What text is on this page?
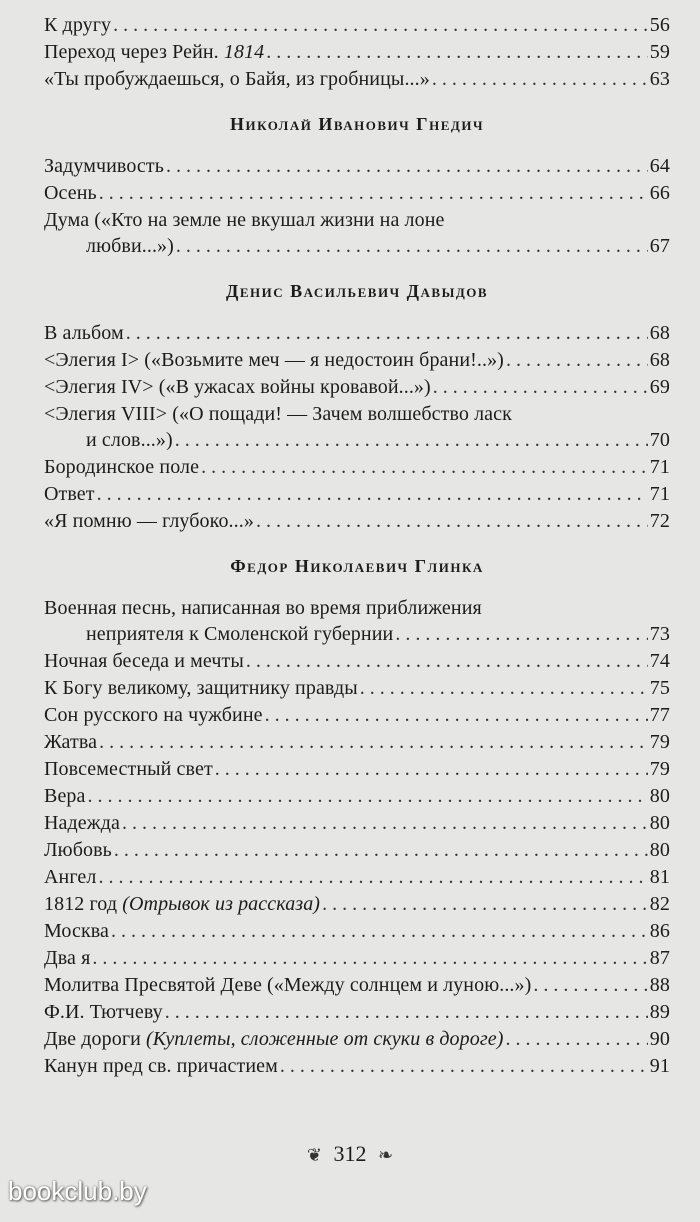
К другу . . .	56
Переход через Рейн. 1814 . . .	59
«Ты пробуждаешься, о Байя, из гробницы...» . . .	63
Николай Иванович Гнедич
Задумчивость . . .	64
Осень . . .	66
Дума («Кто на земле не вкушал жизни на лоне
любви...») . . .	67
Денис Васильевич Давыдов
В альбом . . .	68
<Элегия I> («Возьмите меч — я недостоин брани!..») . . .	68
<Элегия IV> («В ужасах войны кровавой...») . . .	69
<Элегия VIII> («О пощади! — Зачем волшебство ласк
и слов...») . . .	70
Бородинское поле . . .	71
Ответ . . .	71
«Я помню — глубоко...» . . .	72
Федор Николаевич Глинка
Военная песнь, написанная во время приближения
неприятеля к Смоленской губернии . . .	73
Ночная беседа и мечты . . .	74
К Богу великому, защитнику правды . . .	75
Сон русского на чужбине . . .	77
Жатва . . .	79
Повсеместный свет . . .	79
Вера . . .	80
Надежда . . .	80
Любовь . . .	80
Ангел . . .	81
1812 год (Отрывок из рассказа) . . .	82
Москва . . .	86
Два я . . .	87
Молитва Пресвятой Деве («Между солнцем и луною...») . . .	88
Ф.И. Тютчеву . . .	89
Две дороги (Куплеты, сложенные от скуки в дороге) . . .	90
Канун пред св. причастием . . .	91
❦ 312 ❧
bookclub.by
